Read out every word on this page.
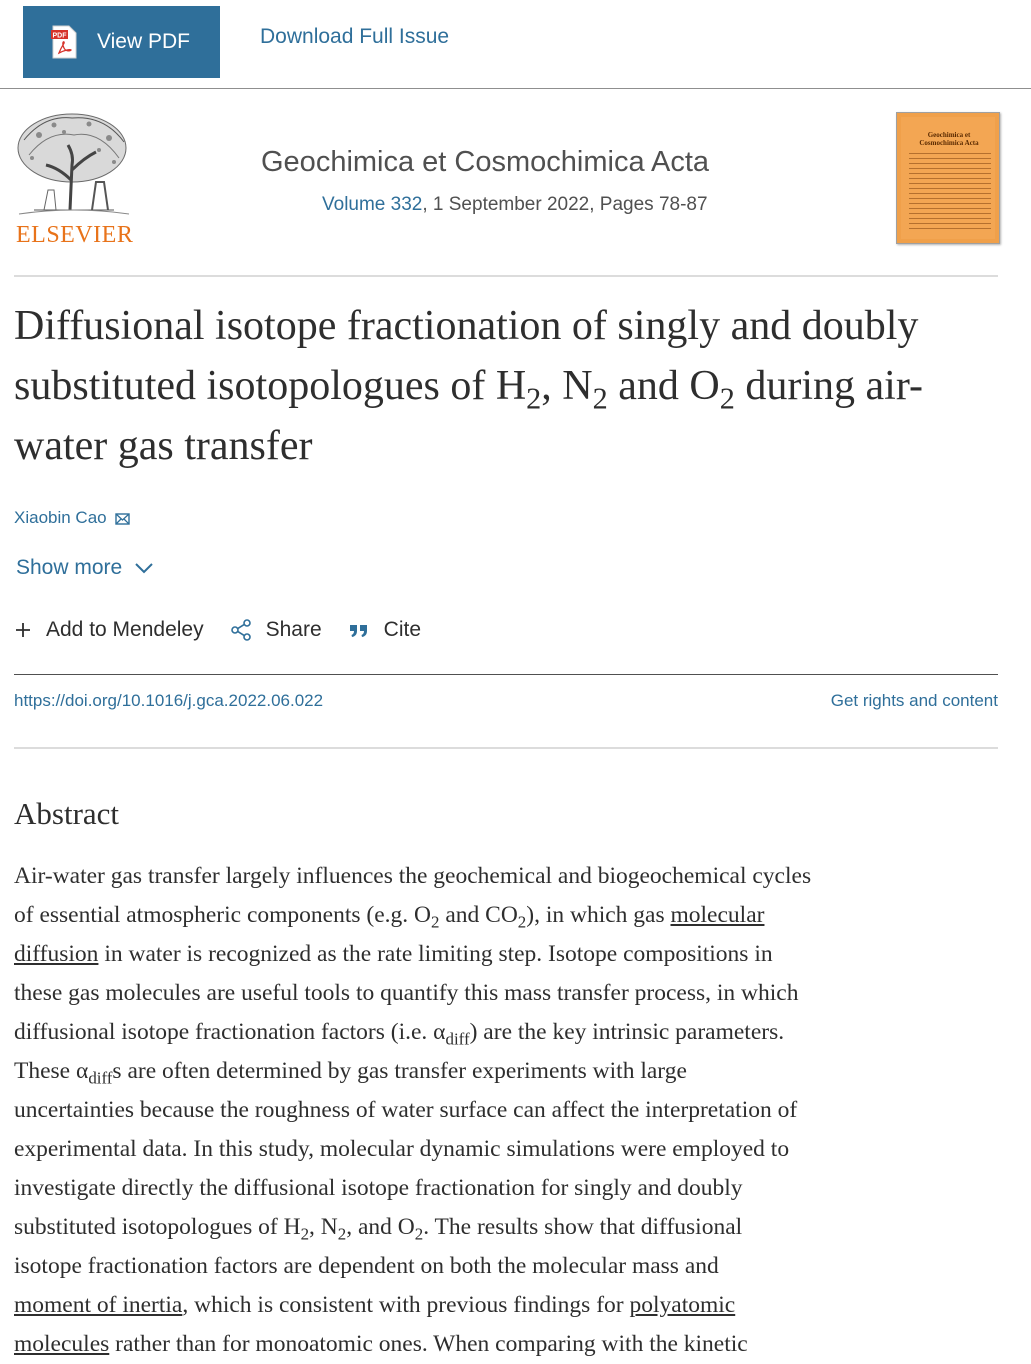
PDF View PDF	Download Full Issue
ELSEVIER
Geochimica et Cosmochimica Acta
Volume 332, 1 September 2022, Pages 78-87
Geochimica et Cosmochimica Acta
Diffusional isotope fractionation of singly and doubly substituted isotopologues of $H_2$, $N_2$ and $O_2$ during air-water gas transfer
Xiaobin Cao
Show more
Add to Mendeley	Share	Cite
https://doi.org/10.1016/j.gca.2022.06.022	Get rights and content
Abstract
Air-water gas transfer largely influences the geochemical and biogeochemical cycles
of essential atmospheric components (e.g. $O_2$ and $CO_2$), in which gas molecular
diffusion in water is recognized as the rate limiting step. Isotope compositions in
these gas molecules are useful tools to quantify this mass transfer process, in which
diffusional isotope fractionation factors (i.e. $\alpha_{diff}$) are the key intrinsic parameters.
These $\alpha_{diff}s$ are often determined by gas transfer experiments with large
uncertainties because the roughness of water surface can affect the interpretation of
experimental data. In this study, molecular dynamic simulations were employed to
investigate directly the diffusional isotope fractionation for singly and doubly
substituted isotopologues of $H_2$, $N_2$, and $O_2$. The results show that diffusional
isotope fractionation factors are dependent on both the molecular mass and
moment of inertia, which is consistent with previous findings for polyatomic
molecules rather than for monoatomic ones. When comparing with the kinetic
